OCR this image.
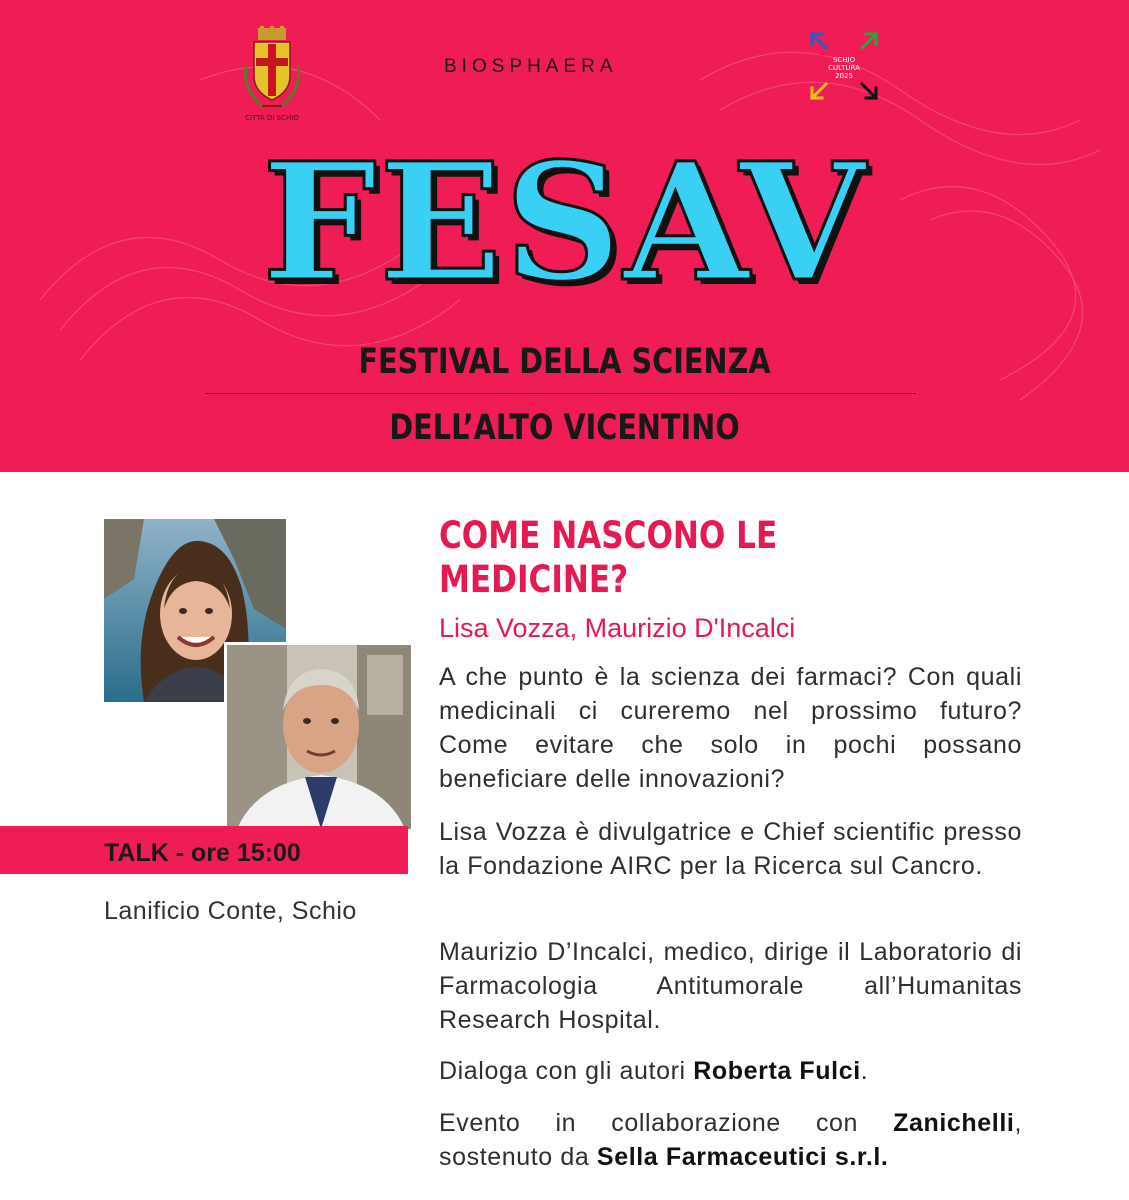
CITTÀ DI SCHIO
BIOSPHAERA	SCHIO
CULTURA
2025
FESAV
FESTIVAL DELLA SCIENZA
DELL’ALTO VICENTINO
TALK - ore 15:00
Lanificio Conte, Schio
COME NASCONO LE MEDICINE?
Lisa Vozza, Maurizio D'Incalci

A che punto è la scienza dei farmaci? Con quali medicinali ci cureremo nel prossimo futuro? Come evitare che solo in pochi possano beneficiare delle innovazioni?

Lisa Vozza è divulgatrice e Chief scientific presso la Fondazione AIRC per la Ricerca sul Cancro.

Maurizio D’Incalci, medico, dirige il Laboratorio di Farmacologia Antitumorale all’Humanitas Research Hospital.

Dialoga con gli autori Roberta Fulci.

Evento in collaborazione con Zanichelli, sostenuto da Sella Farmaceutici s.r.l.
